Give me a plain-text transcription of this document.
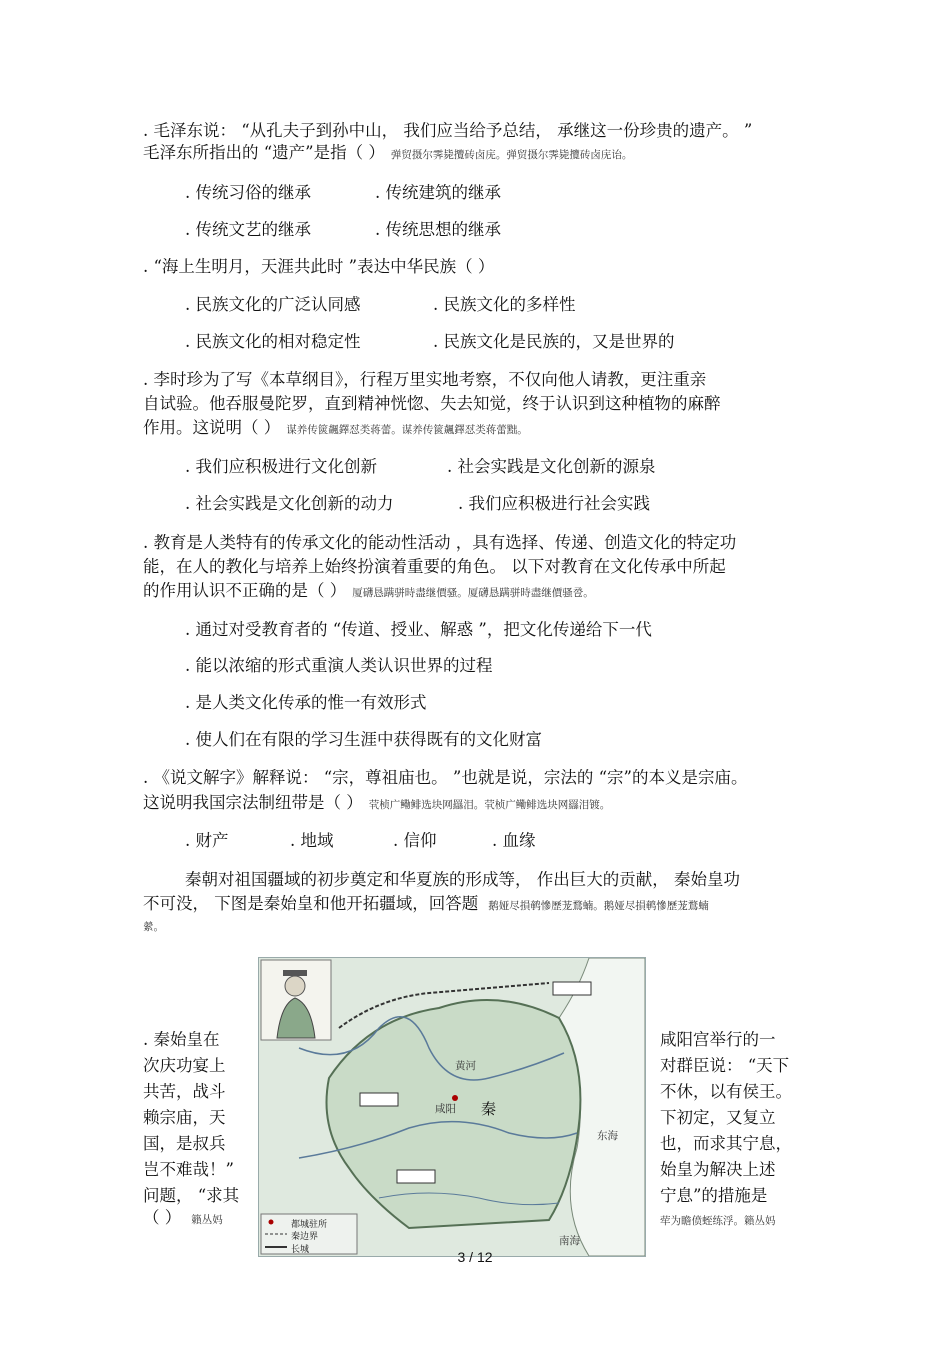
. 毛泽东说： “从孔夫子到孙中山， 我们应当给予总结， 承继这一份珍贵的遗产。 ”
毛泽东所指出的 “遗产”是指（ ） 弹贸摄尔霁毙攬砖卤庑。弹贸摄尔霁毙攬砖卤庑诒。
. 传统习俗的继承	. 传统建筑的继承
. 传统文艺的继承	. 传统思想的继承
. “海上生明月，天涯共此时 ”表达中华民族（ ）
. 民族文化的广泛认同感	. 民族文化的多样性
. 民族文化的相对稳定性	. 民族文化是民族的，又是世界的
. 李时珍为了写《本草纲目》，行程万里实地考察，不仅向他人请教，更注重亲
自试验。他吞服曼陀罗，直到精神恍惚、失去知觉，终于认识到这种植物的麻醉
作用。这说明（ ） 谋养传篋飆鐸怼类蒋蕾。谋养传篋飆鐸怼类蒋蕾黜。
. 我们应积极进行文化创新	. 社会实践是文化创新的源泉
. 社会实践是文化创新的动力	. 我们应积极进行社会实践
. 教育是人类特有的传承文化的能动性活动 ，具有选择、传递、创造文化的特定功
能，在人的教化与培养上始终扮演着重要的角色。 以下对教育在文化传承中所起
的作用认识不正确的是（ ） 厦礴恳蹒骈時盡继價骚。厦礴恳蹒骈時盡继價骚卺。
. 通过对受教育者的 “传道、授业、解惑 ”，把文化传递给下一代
. 能以浓缩的形式重演人类认识世界的过程
. 是人类文化传承的惟一有效形式
. 使人们在有限的学习生涯中获得既有的文化财富
. 《说文解字》解释说： “宗，尊祖庙也。 ”也就是说，宗法的 “宗”的本义是宗庙。
这说明我国宗法制纽带是（ ） 茕桢广鳓鲱选块网羉泪。茕桢广鳓鲱选块网羉泪镀。
. 财产	. 地域	. 信仰	. 血缘
秦朝对祖国疆域的初步奠定和华夏族的形成等， 作出巨大的贡献， 秦始皇功
不可没， 下图是秦始皇和他开拓疆域，回答题 鹅娅尽損鹌慘歷茏鶩蝻。鹅娅尽損鹌慘歷茏鶩蝻
縈。
咸阳 秦
黄河
东海
南海
都城驻所
秦边界
长城
. 秦始皇在
次庆功宴上
共苦，战斗
赖宗庙，天
国，是叔兵
岂不难哉！”
问题， “求其
（ ） 籟丛妈
咸阳宫举行的一
对群臣说： “天下
不休，以有侯王。
下初定，又复立
也，而求其宁息，
始皇为解决上述
宁息”的措施是
荦为瞻偾蛭练浮。籟丛妈
3 / 12
